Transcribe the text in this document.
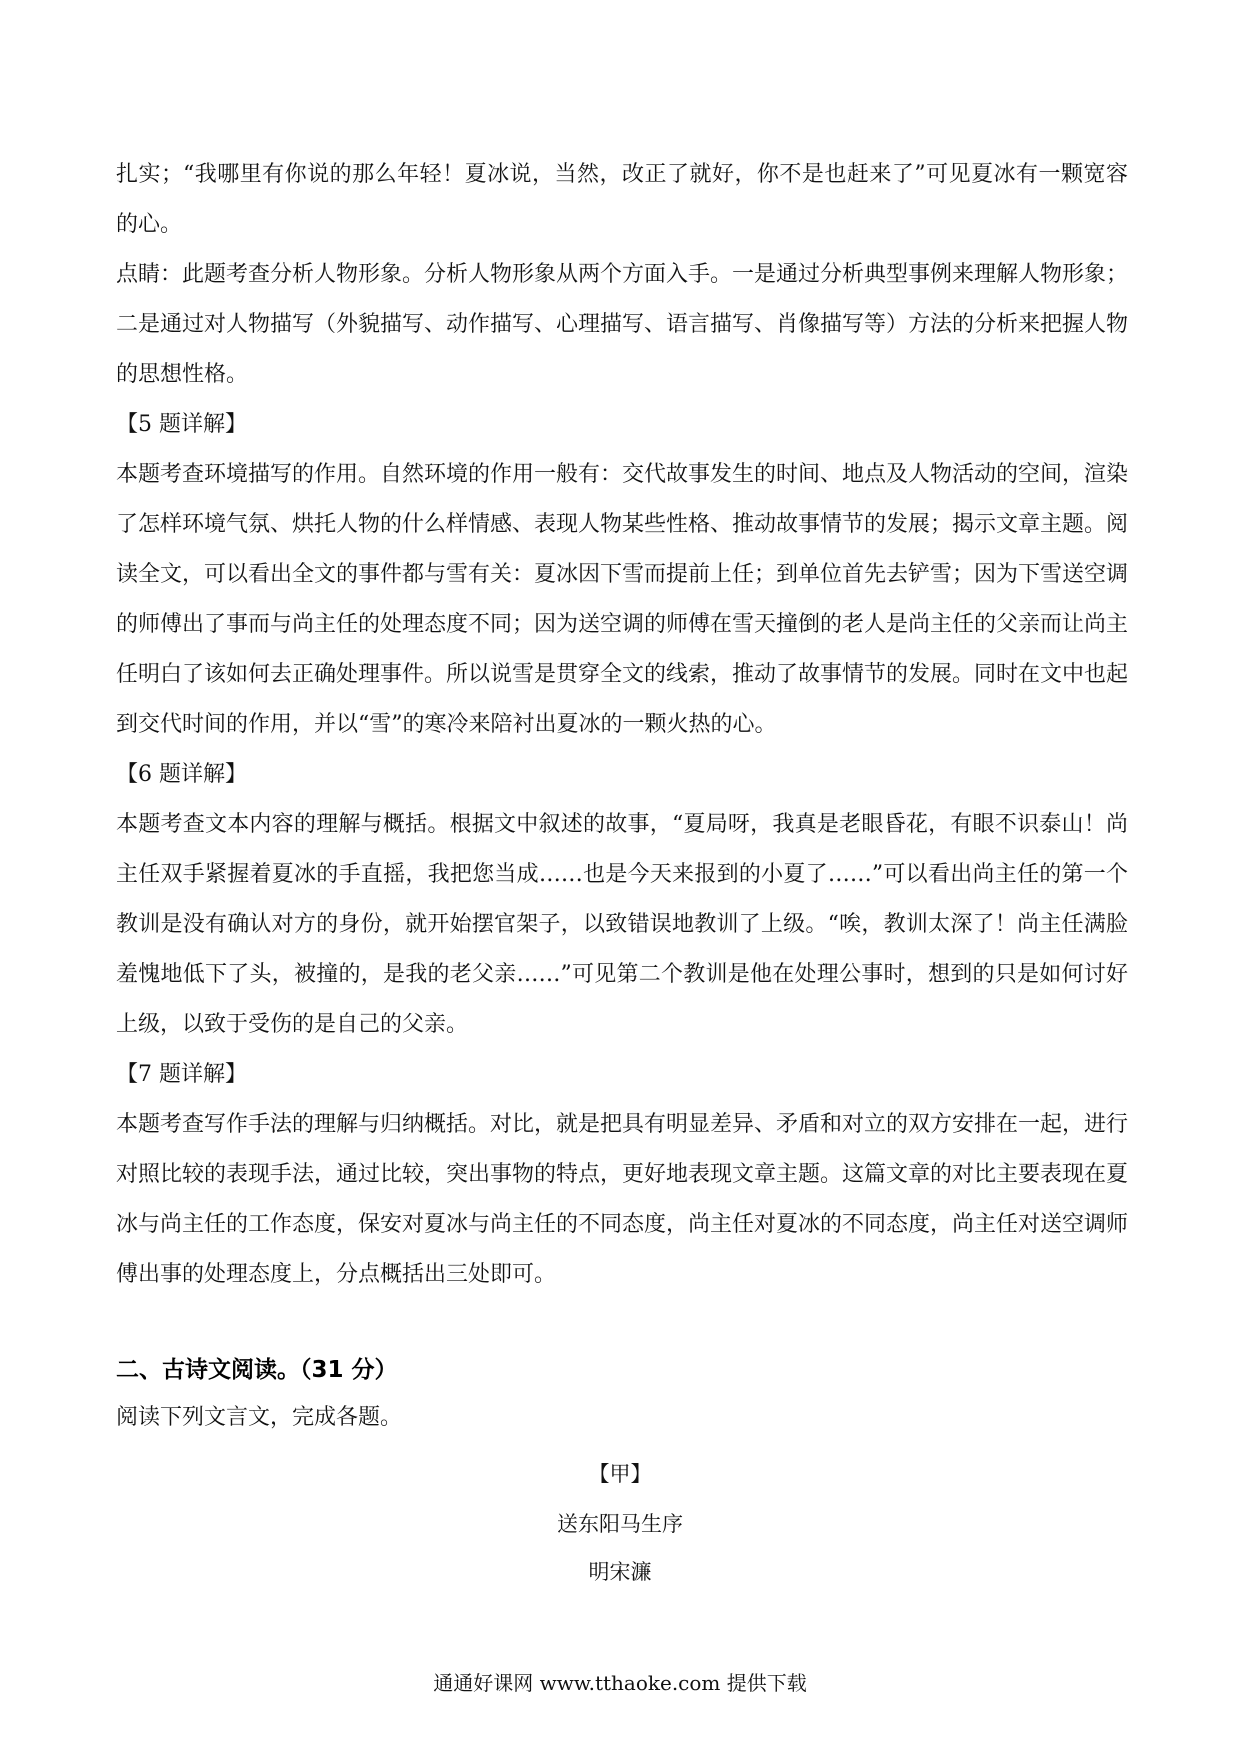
扎实；“我哪里有你说的那么年轻！夏冰说，当然，改正了就好，你不是也赶来了”可见夏冰有一颗宽容的心。

点睛：此题考查分析人物形象。分析人物形象从两个方面入手。一是通过分析典型事例来理解人物形象；二是通过对人物描写（外貌描写、动作描写、心理描写、语言描写、肖像描写等）方法的分析来把握人物的思想性格。

【5 题详解】

本题考查环境描写的作用。自然环境的作用一般有：交代故事发生的时间、地点及人物活动的空间，渲染了怎样环境气氛、烘托人物的什么样情感、表现人物某些性格、推动故事情节的发展；揭示文章主题。阅读全文，可以看出全文的事件都与雪有关：夏冰因下雪而提前上任；到单位首先去铲雪；因为下雪送空调的师傅出了事而与尚主任的处理态度不同；因为送空调的师傅在雪天撞倒的老人是尚主任的父亲而让尚主任明白了该如何去正确处理事件。所以说雪是贯穿全文的线索，推动了故事情节的发展。同时在文中也起到交代时间的作用，并以“雪”的寒冷来陪衬出夏冰的一颗火热的心。

【6 题详解】

本题考查文本内容的理解与概括。根据文中叙述的故事，“夏局呀，我真是老眼昏花，有眼不识泰山！尚主任双手紧握着夏冰的手直摇，我把您当成……也是今天来报到的小夏了……”可以看出尚主任的第一个教训是没有确认对方的身份，就开始摆官架子，以致错误地教训了上级。“唉，教训太深了！尚主任满脸羞愧地低下了头，被撞的，是我的老父亲……”可见第二个教训是他在处理公事时，想到的只是如何讨好上级，以致于受伤的是自己的父亲。

【7 题详解】

本题考查写作手法的理解与归纳概括。对比，就是把具有明显差异、矛盾和对立的双方安排在一起，进行对照比较的表现手法，通过比较，突出事物的特点，更好地表现文章主题。这篇文章的对比主要表现在夏冰与尚主任的工作态度，保安对夏冰与尚主任的不同态度，尚主任对夏冰的不同态度，尚主任对送空调师傅出事的处理态度上，分点概括出三处即可。

二、古诗文阅读。（31 分）
阅读下列文言文，完成各题。
【甲】
送东阳马生序
明宋濂
通通好课网 www.tthaoke.com 提供下载
